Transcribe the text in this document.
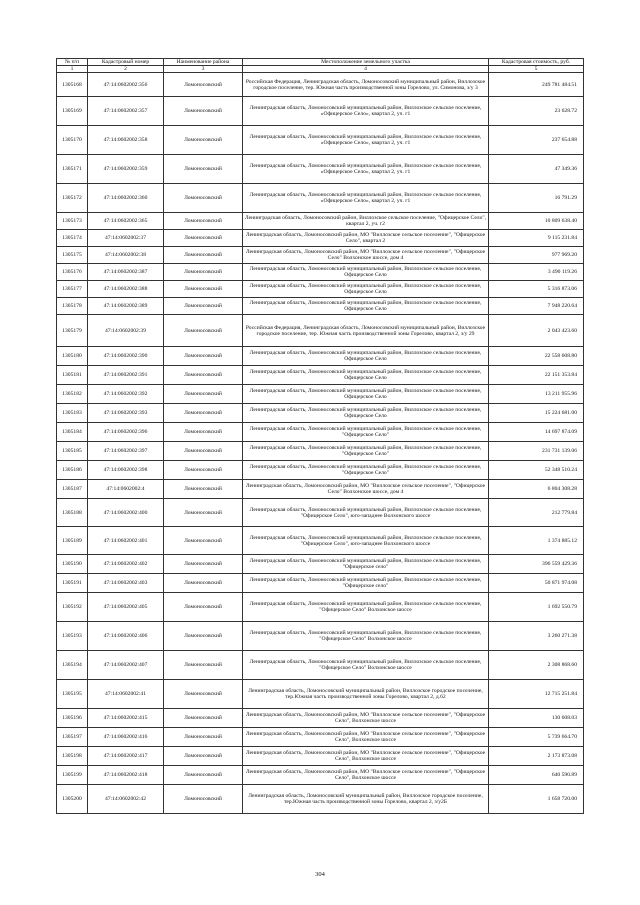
№ п/п	Кадастровый номер	Наименование района	Местоположение земельного участка	Кадастровая стоимость, руб.
1	2	3	4	5
1305168	47:14:0602002:356	Ломоносовский	Российская Федерация, Ленинградская область, Ломоносовский муниципальный район, Виллозское городское поселение, тер. Южная часть производственной зоны Горелово, ул. Симонова, з/у 3	249 781 484.51
1305169	47:14:0602002:357	Ломоносовский	Ленинградская область, Ломоносовский муниципальный район, Виллозское сельское поселение, «Офицерское Село», квартал 2, уч. г1	23 628.72
1305170	47:14:0602002:358	Ломоносовский	Ленинградская область, Ломоносовский муниципальный район, Виллозское сельское поселение, «Офицерское Село», квартал 2, уч. г1	237 654.88
1305171	47:14:0602002:359	Ломоносовский	Ленинградская область, Ломоносовский муниципальный район, Виллозское сельское поселение, «Офицерское Село», квартал 2, уч. г1	47 349.36
1305172	47:14:0602002:360	Ломоносовский	Ленинградская область, Ломоносовский муниципальный район, Виллозское сельское поселение, «Офицерское Село», квартал 2, уч. г1	16 791.29
1305173	47:14:0602002:365	Ломоносовский	Ленинградская область, Ломоносовский район, Виллозское сельское поселение, "Офицерское Село", квартал 2, уч. г2	10 809 638.40
1305174	47:14:0602002:37	Ломоносовский	Ленинградская область, Ломоносовский район, МО "Виллозское сельское поселение", "Офицерское Село", квартал 2	9 115 231.84
1305175	47:14:0602002:38	Ломоносовский	Ленинградская область, Ломоносовский район, МО "Виллозское сельское поселение", "Офицерское Село" Волхонское шоссе, дом 4	977 969.20
1305176	47:14:0602002:387	Ломоносовский	Ленинградская область, Ломоносовский муниципальный район, Виллозское сельское поселение, Офицерское Село	3 490 119.26
1305177	47:14:0602002:388	Ломоносовский	Ленинградская область, Ломоносовский муниципальный район, Виллозское сельское поселение, Офицерское Село	5 316 873.06
1305178	47:14:0602002:389	Ломоносовский	Ленинградская область, Ломоносовский муниципальный район, Виллозское сельское поселение, Офицерское Село	7 948 220.64
1305179	47:14:0602002:39	Ломоносовский	Российская Федерация, Ленинградская область, Ломоносовский муниципальный район, Виллозское городское поселение, тер. Южная часть производственной зоны Горелово, квартал 2, з/у 29	2 043 423.60
1305180	47:14:0602002:390	Ломоносовский	Ленинградская область, Ломоносовский муниципальный район, Виллозское сельское поселение, Офицерское Село	22 558 608.80
1305181	47:14:0602002:391	Ломоносовский	Ленинградская область, Ломоносовский муниципальный район, Виллозское сельское поселение, Офицерское Село	22 151 353.84
1305182	47:14:0602002:392	Ломоносовский	Ленинградская область, Ломоносовский муниципальный район, Виллозское сельское поселение, Офицерское Село	13 211 955.96
1305183	47:14:0602002:393	Ломоносовский	Ленинградская область, Ломоносовский муниципальный район, Виллозское сельское поселение, Офицерское Село	15 224 681.00
1305184	47:14:0602002:396	Ломоносовский	Ленинградская область, Ломоносовский муниципальный район, Виллозское сельское поселение, "Офицерское Село"	14 697 874.09
1305185	47:14:0602002:397	Ломоносовский	Ленинградская область, Ломоносовский муниципальный район, Виллозское сельское поселение, "Офицерское Село"	231 731 139.06
1305186	47:14:0602002:398	Ломоносовский	Ленинградская область, Ломоносовский муниципальный район, Виллозское сельское поселение, "Офицерское Село"	52 348 510.24
1305187	47:14:0602002:4	Ломоносовский	Ленинградская область, Ломоносовский район, МО "Виллозское сельское поселение", "Офицерское Село" Волхонское шоссе, дом 4	6 804 308.28
1305188	47:14:0602002:400	Ломоносовский	Ленинградская область, Ломоносовский муниципальный район, Виллозское сельское поселение, "Офицерское Село", юго-западнее Волхонского шоссе	212 779.84
1305189	47:14:0602002:401	Ломоносовский	Ленинградская область, Ломоносовский муниципальный район, Виллозское сельское поселение, "Офицерское Село", юго-западнее Волхонского шоссе	1 374 885.12
1305190	47:14:0602002:402	Ломоносовский	Ленинградская область, Ломоносовский муниципальный район, Виллозское сельское поселение, "Офицерское село"	396 559 429.36
1305191	47:14:0602002:403	Ломоносовский	Ленинградская область, Ломоносовский муниципальный район, Виллозское сельское поселение, "Офицерское село"	50 871 974.08
1305192	47:14:0602002:405	Ломоносовский	Ленинградская область, Ломоносовский муниципальный район, Виллозское сельское поселение, "Офицерское Село" Волхонское шоссе	1 692 550.79
1305193	47:14:0602002:406	Ломоносовский	Ленинградская область, Ломоносовский муниципальный район, Виллозское сельское поселение, "Офицерское Село" Волхонское шоссе	3 260 271.38
1305194	47:14:0602002:407	Ломоносовский	Ленинградская область, Ломоносовский муниципальный район, Виллозское сельское поселение, "Офицерское Село" Волхонское шоссе	2 308 868.60
1305195	47:14:0602002:41	Ломоносовский	Ленинградская область, Ломоносовский муниципальный район, Виллозское городское поселение, тер.Южная часть производственной зоны Горелово, квартал 2, д.62	12 715 251.84
1305196	47:14:0602002:415	Ломоносовский	Ленинградская область, Ломоносовский район, МО "Виллозское сельское поселение", "Офицерское Село", Волхонское шоссе	130 608.03
1305197	47:14:0602002:416	Ломоносовский	Ленинградская область, Ломоносовский район, МО "Виллозское сельское поселение", "Офицерское Село", Волхонское шоссе	5 739 664.70
1305198	47:14:0602002:417	Ломоносовский	Ленинградская область, Ломоносовский район, МО "Виллозское сельское поселение", "Офицерское Село", Волхонское шоссе	2 173 873.08
1305199	47:14:0602002:418	Ломоносовский	Ленинградская область, Ломоносовский район, МО "Виллозское сельское поселение", "Офицерское Село", Волхонское шоссе	640 590.89
1305200	47:14:0602002:42	Ломоносовский	Ленинградская область, Ломоносовский муниципальный район, Виллозское городское поселение, тер.Южная часть производственной зоны Горелово, квартал 2, з/у2Б	1 658 720.00
304
